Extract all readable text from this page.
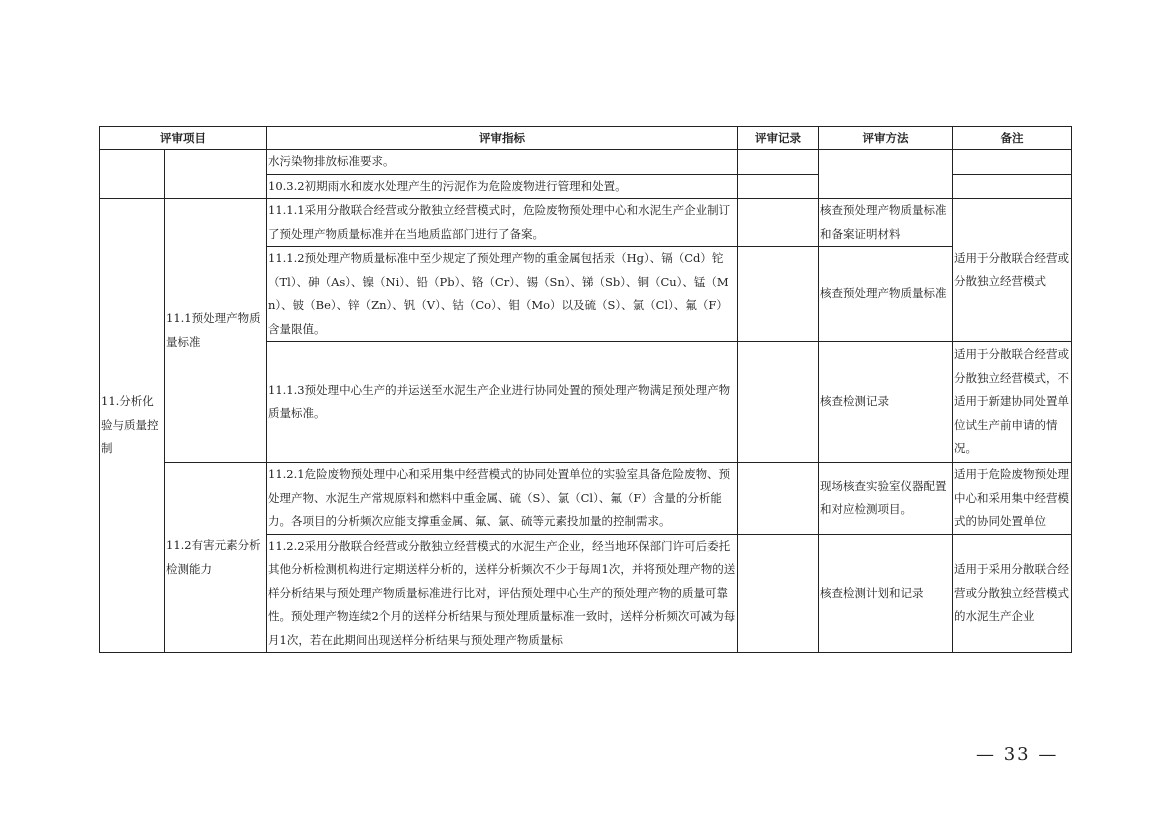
评审项目		评审指标	评审记录	评审方法	备注
		水污染物排放标准要求。			
		10.3.2初期雨水和废水处理产生的污泥作为危险废物进行管理和处置。			
11.分析化验与质量控制	11.1预处理产物质量标准	11.1.1采用分散联合经营或分散独立经营模式时，危险废物预处理中心和水泥生产企业制订了预处理产物质量标准并在当地质监部门进行了备案。		核查预处理产物质量标准和备案证明材料	适用于分散联合经营或分散独立经营模式
		11.1.2预处理产物质量标准中至少规定了预处理产物的重金属包括汞（Hg）、镉（Cd）铊（Tl）、砷（As）、镍（Ni）、铅（Pb）、铬（Cr）、锡（Sn）、锑（Sb）、铜（Cu）、锰（Mn）、铍（Be）、锌（Zn）、钒（V）、钴（Co）、钼（Mo）以及硫（S）、氯（Cl）、氟（F）含量限值。		核查预处理产物质量标准	
		11.1.3预处理中心生产的并运送至水泥生产企业进行协同处置的预处理产物满足预处理产物质量标准。		核查检测记录	适用于分散联合经营或分散独立经营模式，不适用于新建协同处置单位试生产前申请的情况。
	11.2有害元素分析检测能力	11.2.1危险废物预处理中心和采用集中经营模式的协同处置单位的实验室具备危险废物、预处理产物、水泥生产常规原料和燃料中重金属、硫（S）、氯（Cl）、氟（F）含量的分析能力。各项目的分析频次应能支撑重金属、氟、氯、硫等元素投加量的控制需求。		现场核查实验室仪器配置和对应检测项目。	适用于危险废物预处理中心和采用集中经营模式的协同处置单位
		11.2.2采用分散联合经营或分散独立经营模式的水泥生产企业，经当地环保部门许可后委托其他分析检测机构进行定期送样分析的，送样分析频次不少于每周1次，并将预处理产物的送样分析结果与预处理产物质量标准进行比对，评估预处理中心生产的预处理产物的质量可靠性。预处理产物连续2个月的送样分析结果与预处理质量标准一致时，送样分析频次可减为每月1次，若在此期间出现送样分析结果与预处理产物质量标		核查检测计划和记录	适用于采用分散联合经营或分散独立经营模式的水泥生产企业
— 33 —
